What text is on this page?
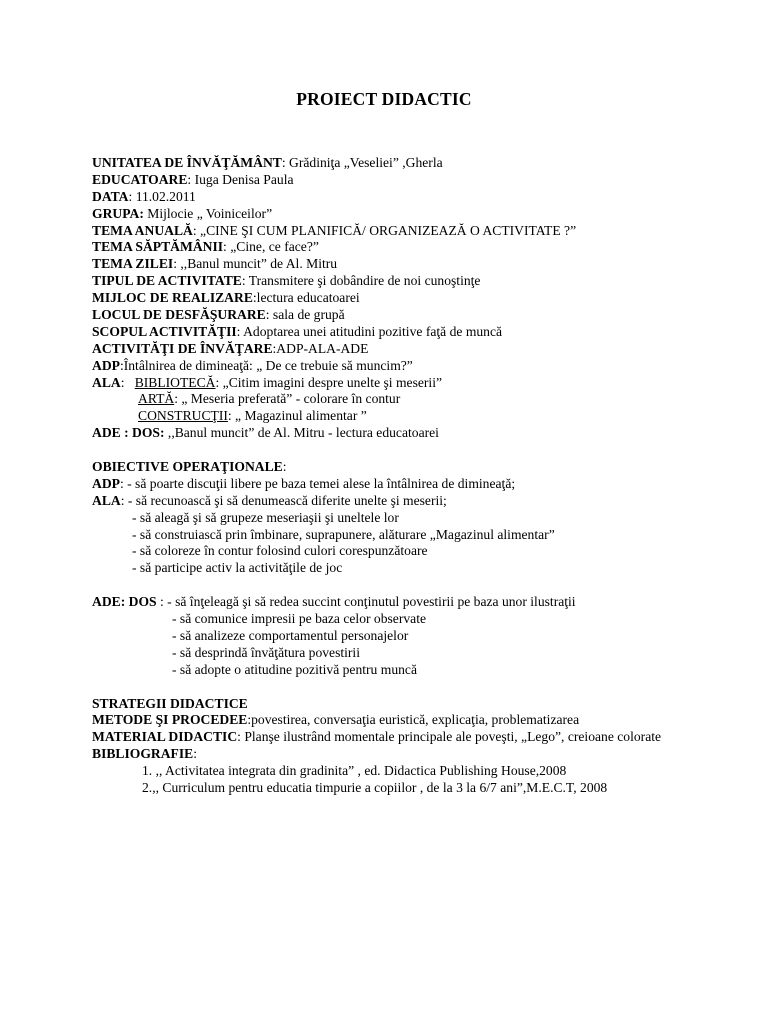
PROIECT DIDACTIC
UNITATEA DE ÎNVĂŢĂMÂNT: Grădiniţa „Veseliei” ,Gherla
EDUCATOARE: Iuga Denisa Paula
DATA: 11.02.2011
GRUPA: Mijlocie „ Voiniceilor”
TEMA ANUALĂ: „CINE ŞI CUM PLANIFICĂ/ ORGANIZEAZĂ O ACTIVITATE ?”
TEMA SĂPTĂMÂNII: „Cine, ce face?”
TEMA ZILEI: ,,Banul muncit” de Al. Mitru
TIPUL DE ACTIVITATE: Transmitere şi dobândire de noi cunoştinţe
MIJLOC DE REALIZARE:lectura educatoarei
LOCUL DE DESFĂŞURARE: sala de grupă
SCOPUL ACTIVITĂŢII: Adoptarea unei atitudini pozitive faţă de muncă
ACTIVITĂŢI DE ÎNVĂŢARE:ADP-ALA-ADE
ADP:Întâlnirea de dimineaţă: „ De ce trebuie să muncim?”
ALA:   BIBLIOTECĂ: „Citim imagini despre unelte şi meserii”
ARTĂ: „ Meseria preferată” - colorare în contur
CONSTRUCŢII: „ Magazinul alimentar ”
ADE : DOS: ,,Banul muncit” de Al. Mitru - lectura educatoarei
OBIECTIVE OPERAŢIONALE:
ADP: - să poarte discuţii libere pe baza temei alese la întâlnirea de dimineaţă;
ALA: - să recunoască şi să denumească diferite unelte şi meserii;
- să aleagă şi să grupeze meseriaşii şi uneltele lor
- să construiască prin îmbinare, suprapunere, alăturare „Magazinul alimentar”
- să coloreze în contur folosind culori corespunzătoare
- să participe activ la activităţile de joc
ADE: DOS : - să înţeleagă şi să redea succint conţinutul povestirii pe baza unor ilustraţii
- să comunice impresii pe baza celor observate
- să analizeze comportamentul personajelor
- să desprindă învăţătura povestirii
- să adopte o atitudine pozitivă pentru muncă
STRATEGII DIDACTICE
METODE ŞI PROCEDEE:povestirea, conversaţia euristică, explicaţia, problematizarea
MATERIAL DIDACTIC: Planşe ilustrând momentale principale ale poveşti, „Lego”, creioane colorate
BIBLIOGRAFIE:
1. ,, Activitatea integrata din gradinita” , ed. Didactica Publishing House,2008
2.,, Curriculum pentru educatia timpurie a copiilor , de la 3 la 6/7 ani”,M.E.C.T, 2008
